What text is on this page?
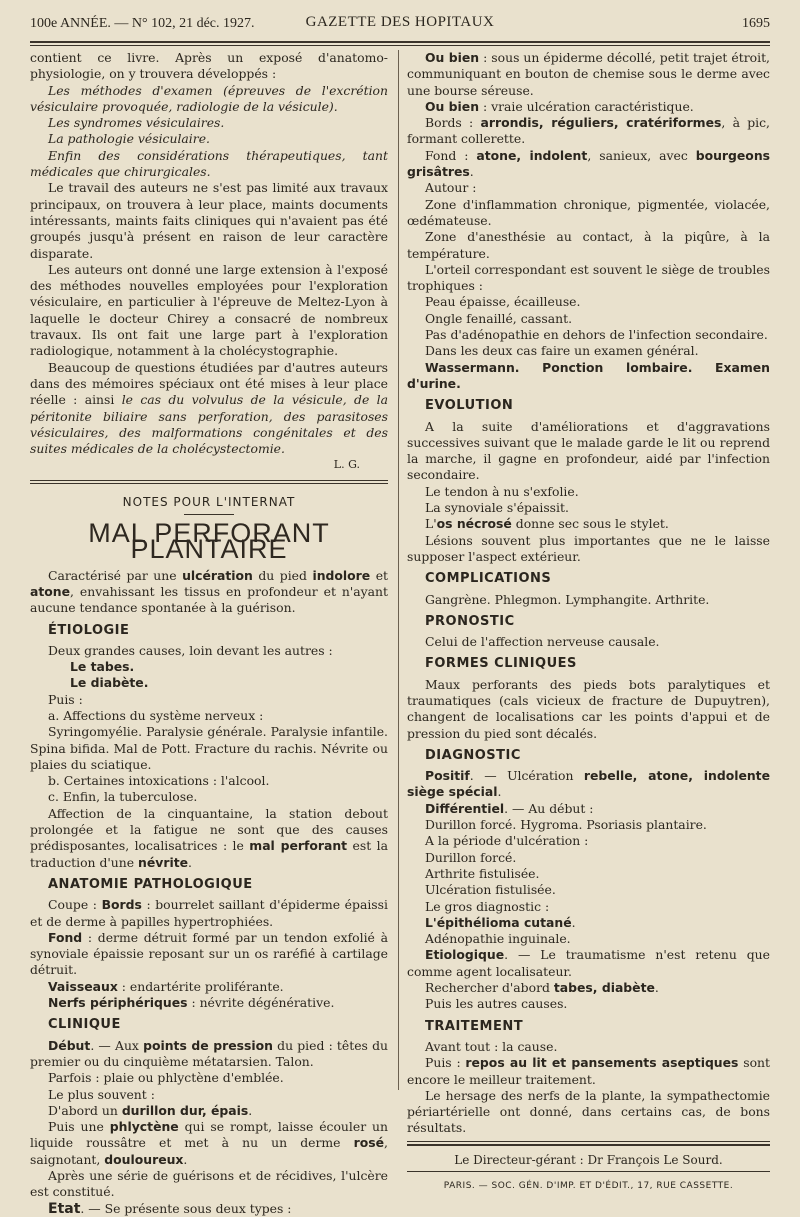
100e ANNÉE. — N° 102, 21 déc. 1927.	GAZETTE DES HOPITAUX	1695

contient ce livre. Après un exposé d'anatomo-physiologie, on y trouvera développés :

Les méthodes d'examen (épreuves de l'excrétion vésiculaire provoquée, radiologie de la vésicule).

Les syndromes vésiculaires.

La pathologie vésiculaire.

Enfin des considérations thérapeutiques, tant médicales que chirurgicales.

Le travail des auteurs ne s'est pas limité aux travaux principaux, on trouvera à leur place, maints documents intéressants, maints faits cliniques qui n'avaient pas été groupés jusqu'à présent en raison de leur caractère disparate.

Les auteurs ont donné une large extension à l'exposé des méthodes nouvelles employées pour l'exploration vésiculaire, en particulier à l'épreuve de Meltez-Lyon à laquelle le docteur Chirey a consacré de nombreux travaux. Ils ont fait une large part à l'exploration radiologique, notamment à la cholécystographie.

Beaucoup de questions étudiées par d'autres auteurs dans des mémoires spéciaux ont été mises à leur place réelle : ainsi le cas du volvulus de la vésicule, de la péritonite biliaire sans perforation, des parasitoses vésiculaires, des malformations congénitales et des suites médicales de la cholécystectomie.

L. G.

NOTES POUR L'INTERNAT
MAL PERFORANT PLANTAIRE

Caractérisé par une ulcération du pied indolore et atone, envahissant les tissus en profondeur et n'ayant aucune tendance spontanée à la guérison.

ÉTIOLOGIE

Deux grandes causes, loin devant les autres :

Le tabes.

Le diabète.

Puis :

a. Affections du système nerveux :

Syringomyélie. Paralysie générale. Paralysie infantile. Spina bifida. Mal de Pott. Fracture du rachis. Névrite ou plaies du sciatique.

b. Certaines intoxications : l'alcool.

c. Enfin, la tuberculose.

Affection de la cinquantaine, la station debout prolongée et la fatigue ne sont que des causes prédisposantes, localisatrices : le mal perforant est la traduction d'une névrite.

ANATOMIE PATHOLOGIQUE

Coupe : Bords : bourrelet saillant d'épiderme épaissi et de derme à papilles hypertrophiées.

Fond : derme détruit formé par un tendon exfolié à synoviale épaissie reposant sur un os raréfié à cartilage détruit.

Vaisseaux : endartérite proliférante.

Nerfs périphériques : névrite dégénérative.

CLINIQUE

Début. — Aux points de pression du pied : têtes du premier ou du cinquième métatarsien. Talon.

Parfois : plaie ou phlyctène d'emblée.

Le plus souvent :

D'abord un durillon dur, épais.

Puis une phlyctène qui se rompt, laisse écouler un liquide roussâtre et met à nu un derme rosé, saignotant, douloureux.

Après une série de guérisons et de récidives, l'ulcère est constitué.

Etat. — Se présente sous deux types :

Ou bien : sous un épiderme décollé, petit trajet étroit, communiquant en bouton de chemise sous le derme avec une bourse séreuse.

Ou bien : vraie ulcération caractéristique.

Bords : arrondis, réguliers, cratériformes, à pic, formant collerette.

Fond : atone, indolent, sanieux, avec bourgeons grisâtres.

Autour :

Zone d'inflammation chronique, pigmentée, violacée, œdémateuse.

Zone d'anesthésie au contact, à la piqûre, à la température.

L'orteil correspondant est souvent le siège de troubles trophiques :

Peau épaisse, écailleuse.

Ongle fenaillé, cassant.

Pas d'adénopathie en dehors de l'infection secondaire.

Dans les deux cas faire un examen général.

Wassermann. Ponction lombaire. Examen d'urine.

EVOLUTION

A la suite d'améliorations et d'aggravations successives suivant que le malade garde le lit ou reprend la marche, il gagne en profondeur, aidé par l'infection secondaire.

Le tendon à nu s'exfolie.

La synoviale s'épaissit.

L'os nécrosé donne sec sous le stylet.

Lésions souvent plus importantes que ne le laisse supposer l'aspect extérieur.

COMPLICATIONS

Gangrène. Phlegmon. Lymphangite. Arthrite.

PRONOSTIC

Celui de l'affection nerveuse causale.

FORMES CLINIQUES

Maux perforants des pieds bots paralytiques et traumatiques (cals vicieux de fracture de Dupuytren), changent de localisations car les points d'appui et de pression du pied sont décalés.

DIAGNOSTIC

Positif. — Ulcération rebelle, atone, indolente siège spécial.

Différentiel. — Au début :

Durillon forcé. Hygroma. Psoriasis plantaire.

A la période d'ulcération :

Durillon forcé.

Arthrite fistulisée.

Ulcération fistulisée.

Le gros diagnostic :

L'épithélioma cutané.

Adénopathie inguinale.

Etiologique. — Le traumatisme n'est retenu que comme agent localisateur.

Rechercher d'abord tabes, diabète.

Puis les autres causes.

TRAITEMENT

Avant tout : la cause.

Puis : repos au lit et pansements aseptiques sont encore le meilleur traitement.

Le hersage des nerfs de la plante, la sympathectomie périartérielle ont donné, dans certains cas, de bons résultats.

Le Directeur-gérant : Dr François Le Sourd.

PARIS. — SOC. GÉN. D'IMP. ET D'ÉDIT., 17, RUE CASSETTE.
